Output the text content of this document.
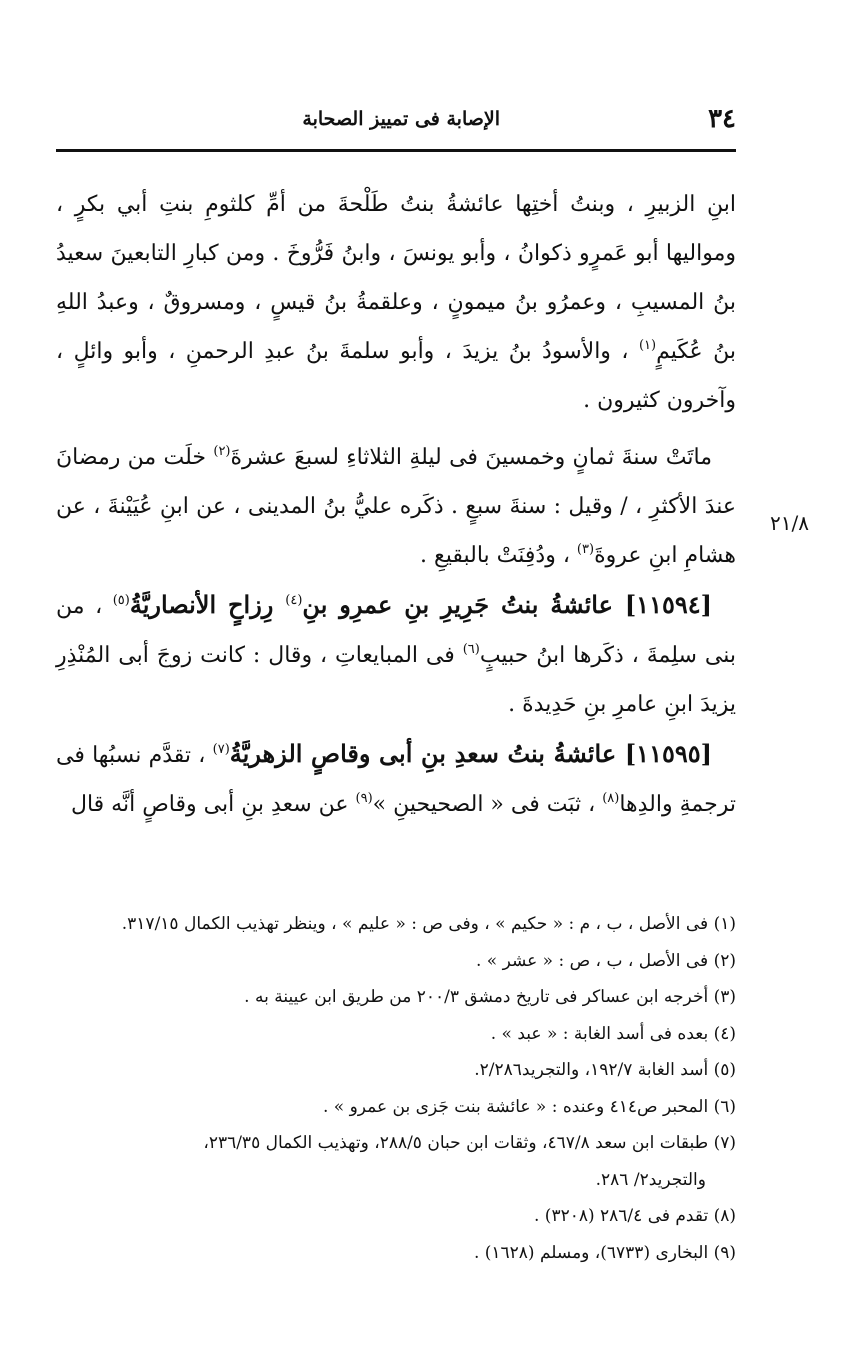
٣٤
الإصابة فى تمييز الصحابة
٢١/٨

ابنِ الزبيرِ ، وبنتُ أختِها عائشةُ بنتُ طَلْحةَ من أمِّ كلثومِ بنتِ أبي بكرٍ ، ومواليها أبو عَمرٍو ذكوانُ ، وأبو يونسَ ، وابنُ فَرُّوخَ . ومن كبارِ التابعينَ سعيدُ بنُ المسيبِ ، وعمرُو بنُ ميمونٍ ، وعلقمةُ بنُ قيسٍ ، ومسروقٌ ، وعبدُ اللهِ بنُ عُكَيمٍ$^{(١)}$ ، والأسودُ بنُ يزيدَ ، وأبو سلمةَ بنُ عبدِ الرحمنِ ، وأبو وائلٍ ، وآخرون كثيرون .

ماتَتْ سنةَ ثمانٍ وخمسينَ فى ليلةِ الثلاثاءِ لسبعَ عشرةَ$^{(٢)}$ خلَت من رمضانَ عندَ الأكثرِ ، / وقيل : سنةَ سبعٍ . ذكَره عليُّ بنُ المدينى ، عن ابنِ عُيَيْنةَ ، عن هشامِ ابنِ عروةَ$^{(٣)}$ ، ودُفِنَتْ بالبقيعِ .

[١١٥٩٤] عائشةُ بنتُ جَرِيرِ بنِ عمرِو بنِ$^{(٤)}$ رِزاحٍ الأنصاريَّةُ$^{(٥)}$ ، من بنى سلِمةَ ، ذكَرها ابنُ حبيبٍ$^{(٦)}$ فى المبايعاتِ ، وقال : كانت زوجَ أبى المُنْذِرِ يزيدَ ابنِ عامرِ بنِ حَدِيدةَ .

[١١٥٩٥] عائشةُ بنتُ سعدِ بنِ أبى وقاصٍ الزهريَّةُ$^{(٧)}$ ، تقدَّم نسبُها فى ترجمةِ والدِها$^{(٨)}$ ، ثبَت فى « الصحيحينِ »$^{(٩)}$ عن سعدِ بنِ أبى وقاصٍ أنَّه قال

(١) فى الأصل ، ب ، م : « حكيم » ، وفى ص : « عليم » ، وينظر تهذيب الكمال ٣١٧/١٥.

(٢) فى الأصل ، ب ، ص : « عشر » .

(٣) أخرجه ابن عساكر فى تاريخ دمشق ٢٠٠/٣ من طريق ابن عيينة به .

(٤) بعده فى أسد الغابة : « عبد » .

(٥) أسد الغابة ١٩٢/٧، والتجريد٢/٢٨٦.

(٦) المحبر ص٤١٤ وعنده : « عائشة بنت جَزى بن عمرو » .

(٧) طبقات ابن سعد ٤٦٧/٨، وثقات ابن حبان ٢٨٨/٥، وتهذيب الكمال ٢٣٦/٣٥،

والتجريد٢/ ٢٨٦.

(٨) تقدم فى ٢٨٦/٤ (٣٢٠٨) .

(٩) البخارى (٦٧٣٣)، ومسلم (١٦٢٨) .
